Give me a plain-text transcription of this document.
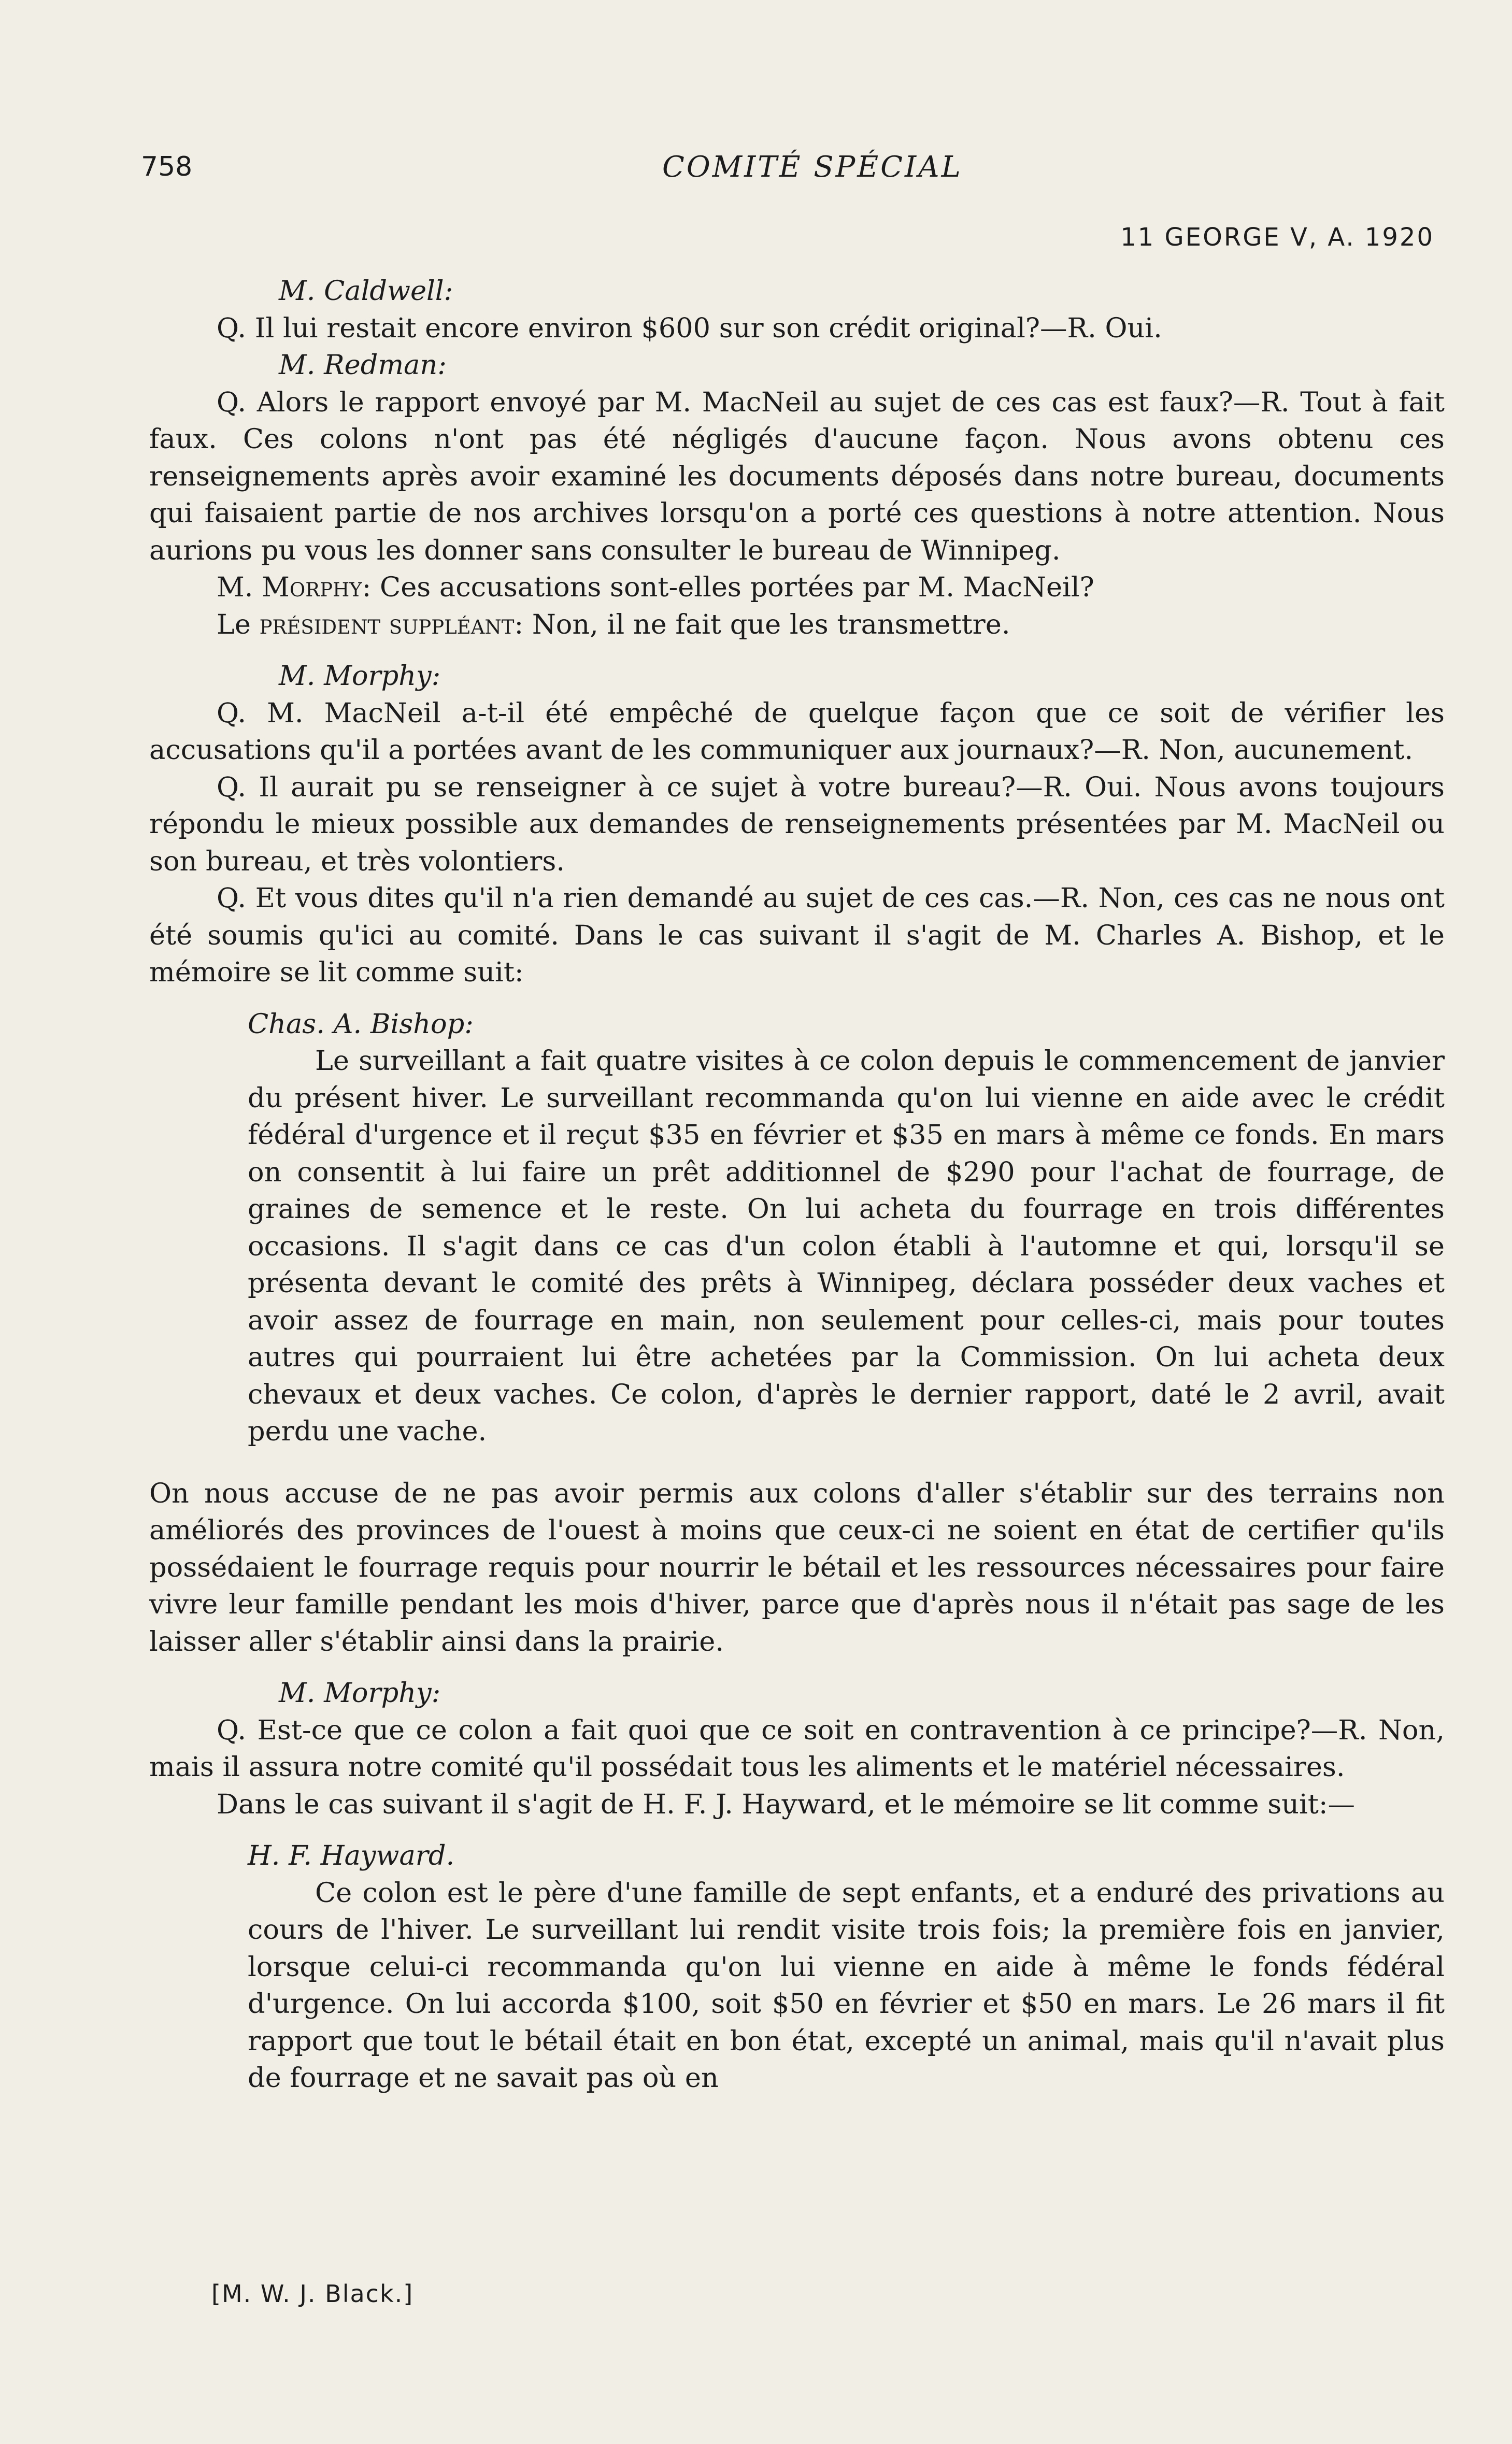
758	COMITÉ SPÉCIAL
11 GEORGE V, A. 1920

M. Caldwell:

Q. Il lui restait encore environ $600 sur son crédit original?—R. Oui.

M. Redman:

Q. Alors le rapport envoyé par M. MacNeil au sujet de ces cas est faux?—R. Tout à fait faux. Ces colons n'ont pas été négligés d'aucune façon. Nous avons obtenu ces renseignements après avoir examiné les documents déposés dans notre bureau, documents qui faisaient partie de nos archives lorsqu'on a porté ces questions à notre attention. Nous aurions pu vous les donner sans consulter le bureau de Winnipeg.

M. Morphy: Ces accusations sont-elles portées par M. MacNeil?

Le président suppléant: Non, il ne fait que les transmettre.

M. Morphy:

Q. M. MacNeil a-t-il été empêché de quelque façon que ce soit de vérifier les accusations qu'il a portées avant de les communiquer aux journaux?—R. Non, aucunement.

Q. Il aurait pu se renseigner à ce sujet à votre bureau?—R. Oui. Nous avons toujours répondu le mieux possible aux demandes de renseignements présentées par M. MacNeil ou son bureau, et très volontiers.

Q. Et vous dites qu'il n'a rien demandé au sujet de ces cas.—R. Non, ces cas ne nous ont été soumis qu'ici au comité. Dans le cas suivant il s'agit de M. Charles A. Bishop, et le mémoire se lit comme suit:

Chas. A. Bishop:

Le surveillant a fait quatre visites à ce colon depuis le commencement de janvier du présent hiver. Le surveillant recommanda qu'on lui vienne en aide avec le crédit fédéral d'urgence et il reçut $35 en février et $35 en mars à même ce fonds. En mars on consentit à lui faire un prêt additionnel de $290 pour l'achat de fourrage, de graines de semence et le reste. On lui acheta du fourrage en trois différentes occasions. Il s'agit dans ce cas d'un colon établi à l'automne et qui, lorsqu'il se présenta devant le comité des prêts à Winnipeg, déclara posséder deux vaches et avoir assez de fourrage en main, non seulement pour celles-ci, mais pour toutes autres qui pourraient lui être achetées par la Commission. On lui acheta deux chevaux et deux vaches. Ce colon, d'après le dernier rapport, daté le 2 avril, avait perdu une vache.

On nous accuse de ne pas avoir permis aux colons d'aller s'établir sur des terrains non améliorés des provinces de l'ouest à moins que ceux-ci ne soient en état de certifier qu'ils possédaient le fourrage requis pour nourrir le bétail et les ressources nécessaires pour faire vivre leur famille pendant les mois d'hiver, parce que d'après nous il n'était pas sage de les laisser aller s'établir ainsi dans la prairie.

M. Morphy:

Q. Est-ce que ce colon a fait quoi que ce soit en contravention à ce principe?—R. Non, mais il assura notre comité qu'il possédait tous les aliments et le matériel nécessaires.

Dans le cas suivant il s'agit de H. F. J. Hayward, et le mémoire se lit comme suit:—

H. F. Hayward.

Ce colon est le père d'une famille de sept enfants, et a enduré des privations au cours de l'hiver. Le surveillant lui rendit visite trois fois; la première fois en janvier, lorsque celui-ci recommanda qu'on lui vienne en aide à même le fonds fédéral d'urgence. On lui accorda $100, soit $50 en février et $50 en mars. Le 26 mars il fit rapport que tout le bétail était en bon état, excepté un animal, mais qu'il n'avait plus de fourrage et ne savait pas où en

[M. W. J. Black.]
